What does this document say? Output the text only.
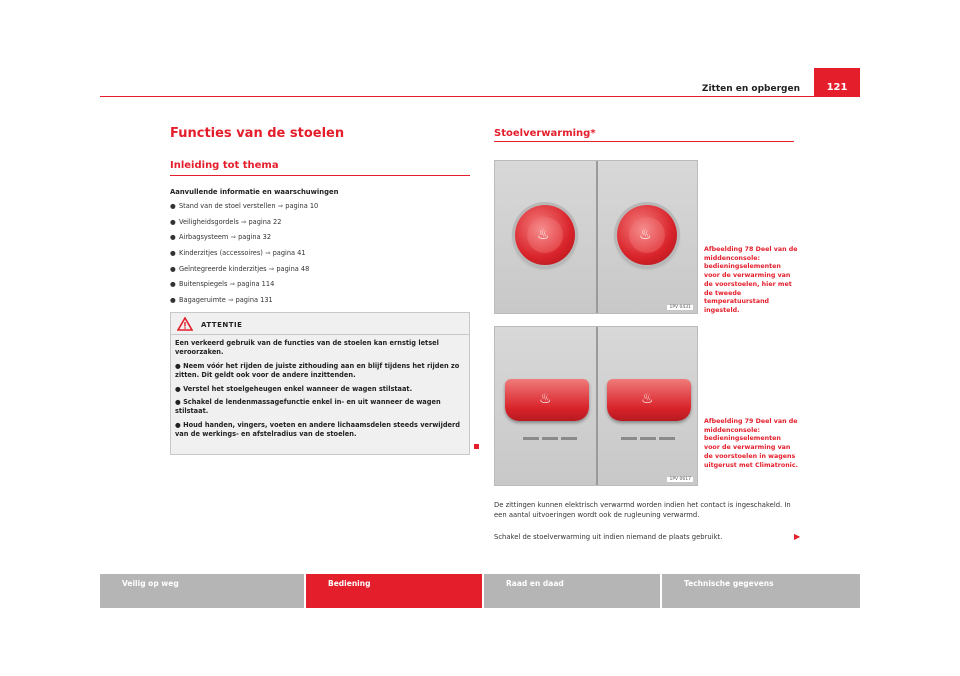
Zitten en opbergen	121
Functies van de stoelen
Inleiding tot thema
Aanvullende informatie en waarschuwingen
● Stand van de stoel verstellen ⇒ pagina 10
● Veiligheidsgordels ⇒ pagina 22
● Airbagsysteem ⇒ pagina 32
● Kinderzitjes (accessoires) ⇒ pagina 41
● Geïntegreerde kinderzitjes ⇒ pagina 48
● Buitenspiegels ⇒ pagina 114
● Bagageruimte ⇒ pagina 131
ATTENTIE

Een verkeerd gebruik van de functies van de stoelen kan ernstig letsel veroorzaken.

● Neem vóór het rijden de juiste zithouding aan en blijf tijdens het rijden zo zitten. Dit geldt ook voor de andere inzittenden.

● Verstel het stoelgeheugen enkel wanneer de wagen stilstaat.

● Schakel de lendenmassagefunctie enkel in- en uit wanneer de wagen stilstaat.

● Houd handen, vingers, voeten en andere lichaamsdelen steeds verwijderd van de werkings- en afstelradius van de stoelen.

Stoelverwarming*
♨	♨
1PV 0431
Afbeelding 78 Deel van de middenconsole: bedieningselementen voor de verwarming van de voorstoelen, hier met de tweede temperatuurstand ingesteld.
♨	♨
1PV 0617
Afbeelding 79 Deel van de middenconsole: bedieningselementen voor de verwarming van de voorstoelen in wagens uitgerust met Climatronic.
De zittingen kunnen elektrisch verwarmd worden indien het contact is ingeschakeld. In een aantal uitvoeringen wordt ook de rugleuning verwarmd.
Schakel de stoelverwarming uit indien niemand de plaats gebruikt.	▶
Veilig op weg	Bediening	Raad en daad	Technische gegevens
